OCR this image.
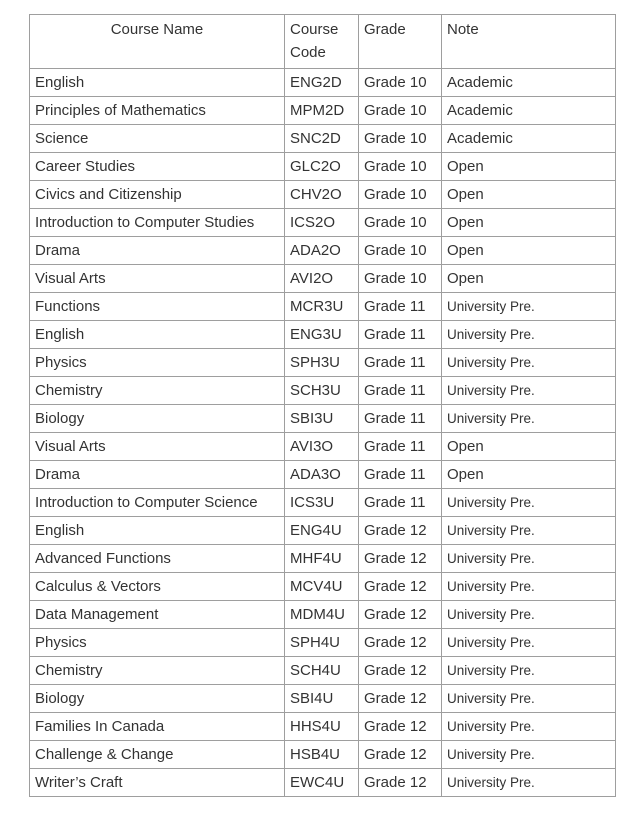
Course Name	Course Code	Grade	Note
English	ENG2D	Grade 10	Academic
Principles of Mathematics	MPM2D	Grade 10	Academic
Science	SNC2D	Grade 10	Academic
Career Studies	GLC2O	Grade 10	Open
Civics and Citizenship	CHV2O	Grade 10	Open
Introduction to Computer Studies	ICS2O	Grade 10	Open
Drama	ADA2O	Grade 10	Open
Visual Arts	AVI2O	Grade 10	Open
Functions	MCR3U	Grade 11	University Pre.
English	ENG3U	Grade 11	University Pre.
Physics	SPH3U	Grade 11	University Pre.
Chemistry	SCH3U	Grade 11	University Pre.
Biology	SBI3U	Grade 11	University Pre.
Visual Arts	AVI3O	Grade 11	Open
Drama	ADA3O	Grade 11	Open
Introduction to Computer Science	ICS3U	Grade 11	University Pre.
English	ENG4U	Grade 12	University Pre.
Advanced Functions	MHF4U	Grade 12	University Pre.
Calculus & Vectors	MCV4U	Grade 12	University Pre.
Data Management	MDM4U	Grade 12	University Pre.
Physics	SPH4U	Grade 12	University Pre.
Chemistry	SCH4U	Grade 12	University Pre.
Biology	SBI4U	Grade 12	University Pre.
Families In Canada	HHS4U	Grade 12	University Pre.
Challenge & Change	HSB4U	Grade 12	University Pre.
Writer’s Craft	EWC4U	Grade 12	University Pre.
